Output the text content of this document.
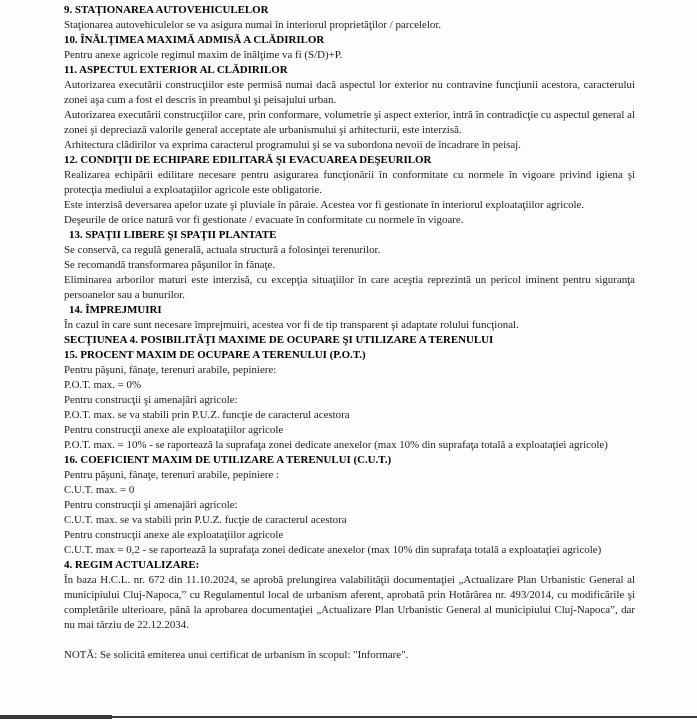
9. STAŢIONAREA AUTOVEHICULELOR
Staţionarea autovehiculelor se va asigura numai în interiorul proprietăţilor / parcelelor.
10. ÎNĂLŢIMEA MAXIMĂ ADMISĂ A CLĂDIRILOR
Pentru anexe agricole regimul maxim de înălţime va fi (S/D)+P.
11. ASPECTUL EXTERIOR AL CLĂDIRILOR
Autorizarea executării construcţiilor este permisă numai dacă aspectul lor exterior nu contravine funcţiunii acestora, caracterului zonei aşa cum a fost el descris în preambul şi peisajului urban.
Autorizarea executării construcţiilor care, prin conformare, volumetrie şi aspect exterior, intră în contradicţie cu aspectul general al zonei şi depreciază valorile general acceptate ale urbanismului şi arhitecturii, este interzisă.
Arhitectura clădirilor va exprima caracterul programului şi se va subordona nevoii de încadrare în peisaj.
12. CONDIŢII DE ECHIPARE EDILITARĂ ŞI EVACUAREA DEŞEURILOR
Realizarea echipării edilitare necesare pentru asigurarea funcţionării în conformitate cu normele în vigoare privind igiena şi protecţia mediului a exploataţiilor agricole este obligatorie.
Este interzisă deversarea apelor uzate şi pluviale în pâraie. Acestea vor fi gestionate în interiorul exploataţiilor agricole.
Deşeurile de orice natură vor fi gestionate / evacuate în conformitate cu normele în vigoare.
13. SPAŢII LIBERE ŞI SPAŢII PLANTATE
Se conservă, ca regulă generală, actuala structură a folosinţei terenurilor.
Se recomandă transformarea păşunilor în fânaţe.
Eliminarea arborilor maturi este interzisă, cu excepţia situaţiilor în care aceştia reprezintă un pericol iminent pentru siguranţa persoanelor sau a bunurilor.
14. ÎMPREJMUIRI
În cazul în care sunt necesare împrejmuiri, acestea vor fi de tip transparent şi adaptate rolului funcţional.
SECŢIUNEA 4. POSIBILITĂŢI MAXIME DE OCUPARE ŞI UTILIZARE A TERENULUI
15. PROCENT MAXIM DE OCUPARE A TERENULUI (P.O.T.)
Pentru păşuni, fânaţe, terenuri arabile, pepiniere:
P.O.T. max. = 0%
Pentru construcţii şi amenajări agricole:
P.O.T. max. se va stabili prin P.U.Z. funcţie de caracterul acestora
Pentru construcţii anexe ale exploataţiilor agricole
P.O.T. max. = 10% - se raportează la suprafaţa zonei dedicate anexelor (max 10% din suprafaţa totală a exploataţiei agricole)
16. COEFICIENT MAXIM DE UTILIZARE A TERENULUI (C.U.T.)
Pentru păşuni, fânaţe, terenuri arabile, pepiniere :
C.U.T. max. = 0
Pentru construcţii şi amenajări agricole:
C.U.T. max. se va stabili prin P.U.Z. fucţie de caracterul acestora
Pentru construcţii anexe ale exploataţiilor agricole
C.U.T. max = 0,2 - se raportează la suprafaţa zonei dedicate anexelor (max 10% din suprafaţa totală a exploataţiei agricole)
4. REGIM ACTUALIZARE:
În baza H.C.L. nr. 672 din 11.10.2024, se aprobă prelungirea valabilităţii documentaţiei „Actualizare Plan Urbanistic General al municipiului Cluj-Napoca,” cu Regulamentul local de urbanism aferent, aprobată prin Hotărârea nr. 493/2014, cu modificările şi completările ulterioare, până la aprobarea documentaţiei „Actualizare Plan Urbanistic General al municipiului Cluj-Napoca”, dar nu mai târziu de 22.12.2034.
NOTĂ: Se solicită emiterea unui certificat de urbanism în scopul: "Informare".
